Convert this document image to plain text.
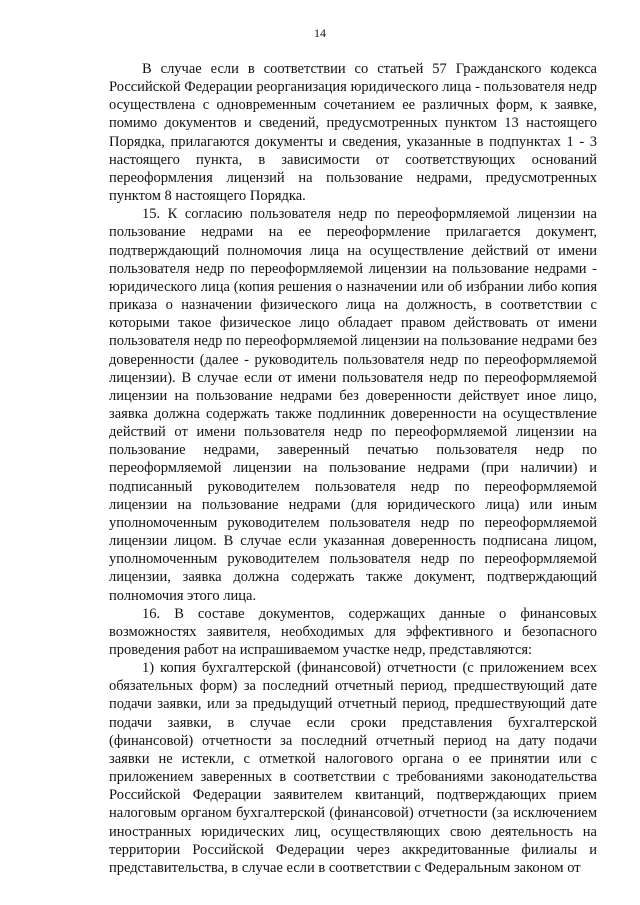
14

В случае если в соответствии со статьей 57 Гражданского кодекса Российской Федерации реорганизация юридического лица - пользователя недр осуществлена с одновременным сочетанием ее различных форм, к заявке, помимо документов и сведений, предусмотренных пунктом 13 настоящего Порядка, прилагаются документы и сведения, указанные в подпунктах 1 - 3 настоящего пункта, в зависимости от соответствующих оснований переоформления лицензий на пользование недрами, предусмотренных пунктом 8 настоящего Порядка.

15. К согласию пользователя недр по переоформляемой лицензии на пользование недрами на ее переоформление прилагается документ, подтверждающий полномочия лица на осуществление действий от имени пользователя недр по переоформляемой лицензии на пользование недрами - юридического лица (копия решения о назначении или об избрании либо копия приказа о назначении физического лица на должность, в соответствии с которыми такое физическое лицо обладает правом действовать от имени пользователя недр по переоформляемой лицензии на пользование недрами без доверенности (далее - руководитель пользователя недр по переоформляемой лицензии). В случае если от имени пользователя недр по переоформляемой лицензии на пользование недрами без доверенности действует иное лицо, заявка должна содержать также подлинник доверенности на осуществление действий от имени пользователя недр по переоформляемой лицензии на пользование недрами, заверенный печатью пользователя недр по переоформляемой лицензии на пользование недрами (при наличии) и подписанный руководителем пользователя недр по переоформляемой лицензии на пользование недрами (для юридического лица) или иным уполномоченным руководителем пользователя недр по переоформляемой лицензии лицом. В случае если указанная доверенность подписана лицом, уполномоченным руководителем пользователя недр по переоформляемой лицензии, заявка должна содержать также документ, подтверждающий полномочия этого лица.

16. В составе документов, содержащих данные о финансовых возможностях заявителя, необходимых для эффективного и безопасного проведения работ на испрашиваемом участке недр, представляются:

1) копия бухгалтерской (финансовой) отчетности (с приложением всех обязательных форм) за последний отчетный период, предшествующий дате подачи заявки, или за предыдущий отчетный период, предшествующий дате подачи заявки, в случае если сроки представления бухгалтерской (финансовой) отчетности за последний отчетный период на дату подачи заявки не истекли, с отметкой налогового органа о ее принятии или с приложением заверенных в соответствии с требованиями законодательства Российской Федерации заявителем квитанций, подтверждающих прием налоговым органом бухгалтерской (финансовой) отчетности (за исключением иностранных юридических лиц, осуществляющих свою деятельность на территории Российской Федерации через аккредитованные филиалы и представительства, в случае если в соответствии с Федеральным законом от
